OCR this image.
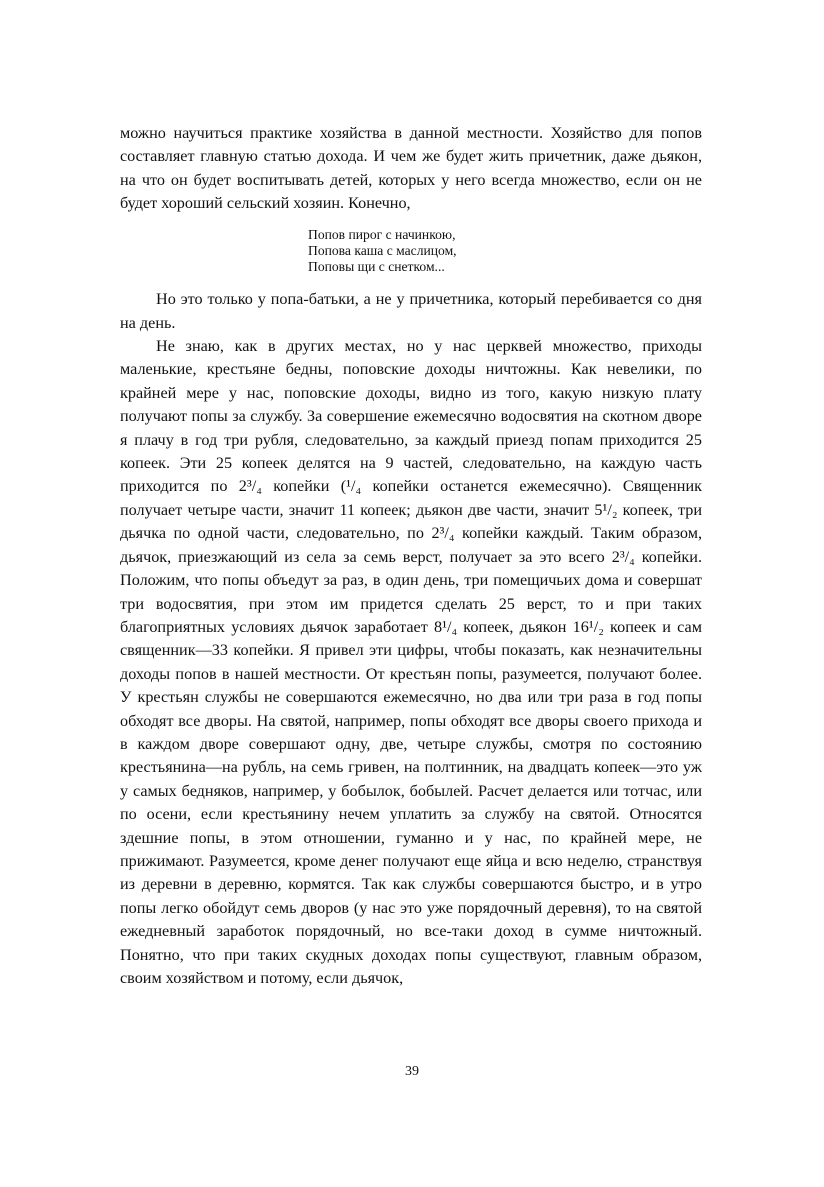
можно научиться практике хозяйства в данной местности. Хозяйство для попов составляет главную статью дохода. И чем же будет жить причетник, даже дьякон, на что он будет воспитывать детей, которых у него всегда множество, если он не будет хороший сельский хозяин. Конечно,

Попов пирог с начинкою,
Попова каша с маслицом,
Поповы щи с снетком...

Но это только у попа-батьки, а не у причетника, который перебивается со дня на день.

Не знаю, как в других местах, но у нас церквей множество, приходы маленькие, крестьяне бедны, поповские доходы ничтожны. Как невелики, по крайней мере у нас, поповские доходы, видно из того, какую низкую плату получают попы за службу. За совершение ежемесячно водосвятия на скотном дворе я плачу в год три рубля, следовательно, за каждый приезд попам приходится 25 копеек. Эти 25 копеек делятся на 9 частей, следовательно, на каждую часть приходится по 2³/₄ копейки (¹/₄ копейки останется ежемесячно). Священник получает четыре части, значит 11 копеек; дьякон две части, значит 5¹/₂ копеек, три дьячка по одной части, следовательно, по 2³/₄ копейки каждый. Таким образом, дьячок, приезжающий из села за семь верст, получает за это всего 2³/₄ копейки. Положим, что попы объедут за раз, в один день, три помещичьих дома и совершат три водосвятия, при этом им придется сделать 25 верст, то и при таких благоприятных условиях дьячок заработает 8¹/₄ копеек, дьякон 16¹/₂ копеек и сам священник—33 копейки. Я привел эти цифры, чтобы показать, как незначительны доходы попов в нашей местности. От крестьян попы, разумеется, получают более. У крестьян службы не совершаются ежемесячно, но два или три раза в год попы обходят все дворы. На святой, например, попы обходят все дворы своего прихода и в каждом дворе совершают одну, две, четыре службы, смотря по состоянию крестьянина—на рубль, на семь гривен, на полтинник, на двадцать копеек—это уж у самых бедняков, например, у бобылок, бобылей. Расчет делается или тотчас, или по осени, если крестьянину нечем уплатить за службу на святой. Относятся здешние попы, в этом отношении, гуманно и у нас, по крайней мере, не прижимают. Разумеется, кроме денег получают еще яйца и всю неделю, странствуя из деревни в деревню, кормятся. Так как службы совершаются быстро, и в утро попы легко обойдут семь дворов (у нас это уже порядочный деревня), то на святой ежедневный заработок порядочный, но все-таки доход в сумме ничтожный. Понятно, что при таких скудных доходах попы существуют, главным образом, своим хозяйством и потому, если дьячок,

39
